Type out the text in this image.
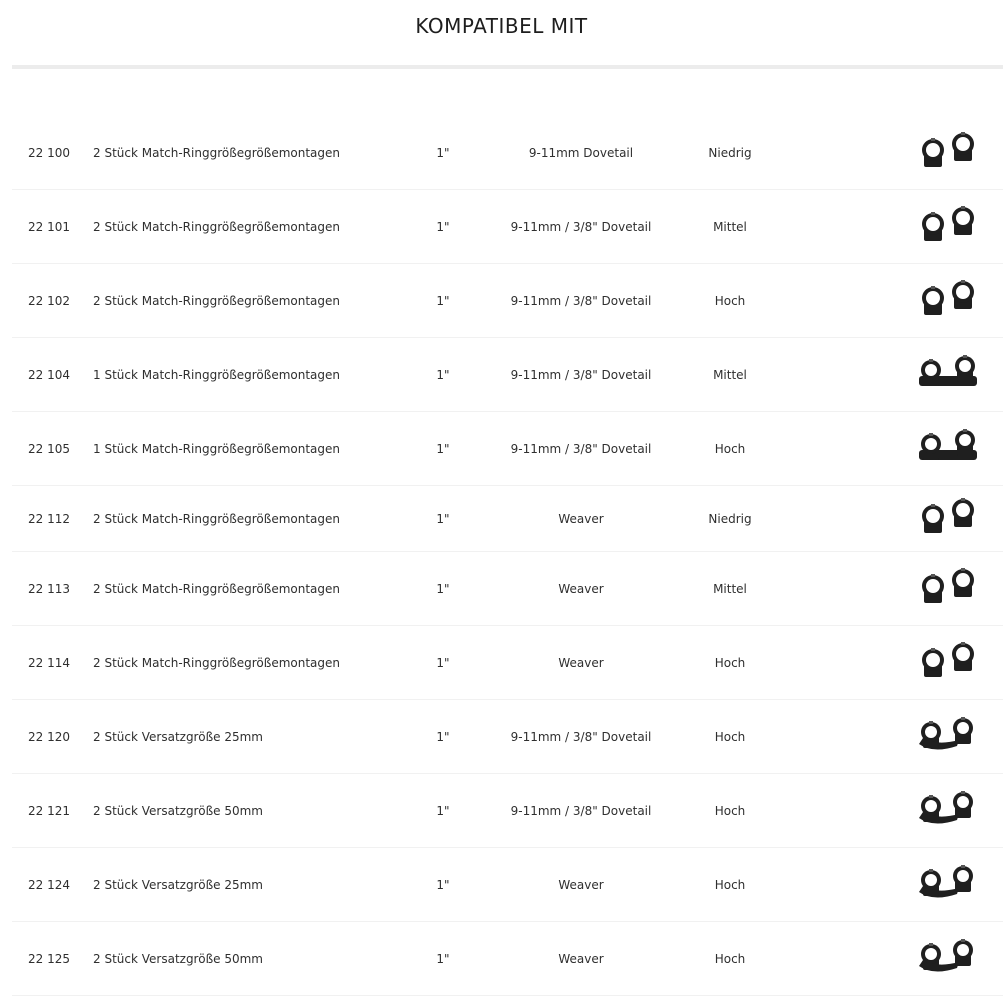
KOMPATIBEL MIT
22 100	2 Stück Match-Ringgrößegrößemontagen	1"	9-11mm Dovetail	Niedrig
22 101	2 Stück Match-Ringgrößegrößemontagen	1"	9-11mm / 3/8" Dovetail	Mittel
22 102	2 Stück Match-Ringgrößegrößemontagen	1"	9-11mm / 3/8" Dovetail	Hoch
22 104	1 Stück Match-Ringgrößegrößemontagen	1"	9-11mm / 3/8" Dovetail	Mittel
22 105	1 Stück Match-Ringgrößegrößemontagen	1"	9-11mm / 3/8" Dovetail	Hoch
22 112	2 Stück Match-Ringgrößegrößemontagen	1"	Weaver	Niedrig
22 113	2 Stück Match-Ringgrößegrößemontagen	1"	Weaver	Mittel
22 114	2 Stück Match-Ringgrößegrößemontagen	1"	Weaver	Hoch
22 120	2 Stück Versatzgröße 25mm	1"	9-11mm / 3/8" Dovetail	Hoch
22 121	2 Stück Versatzgröße 50mm	1"	9-11mm / 3/8" Dovetail	Hoch
22 124	2 Stück Versatzgröße 25mm	1"	Weaver	Hoch
22 125	2 Stück Versatzgröße 50mm	1"	Weaver	Hoch
